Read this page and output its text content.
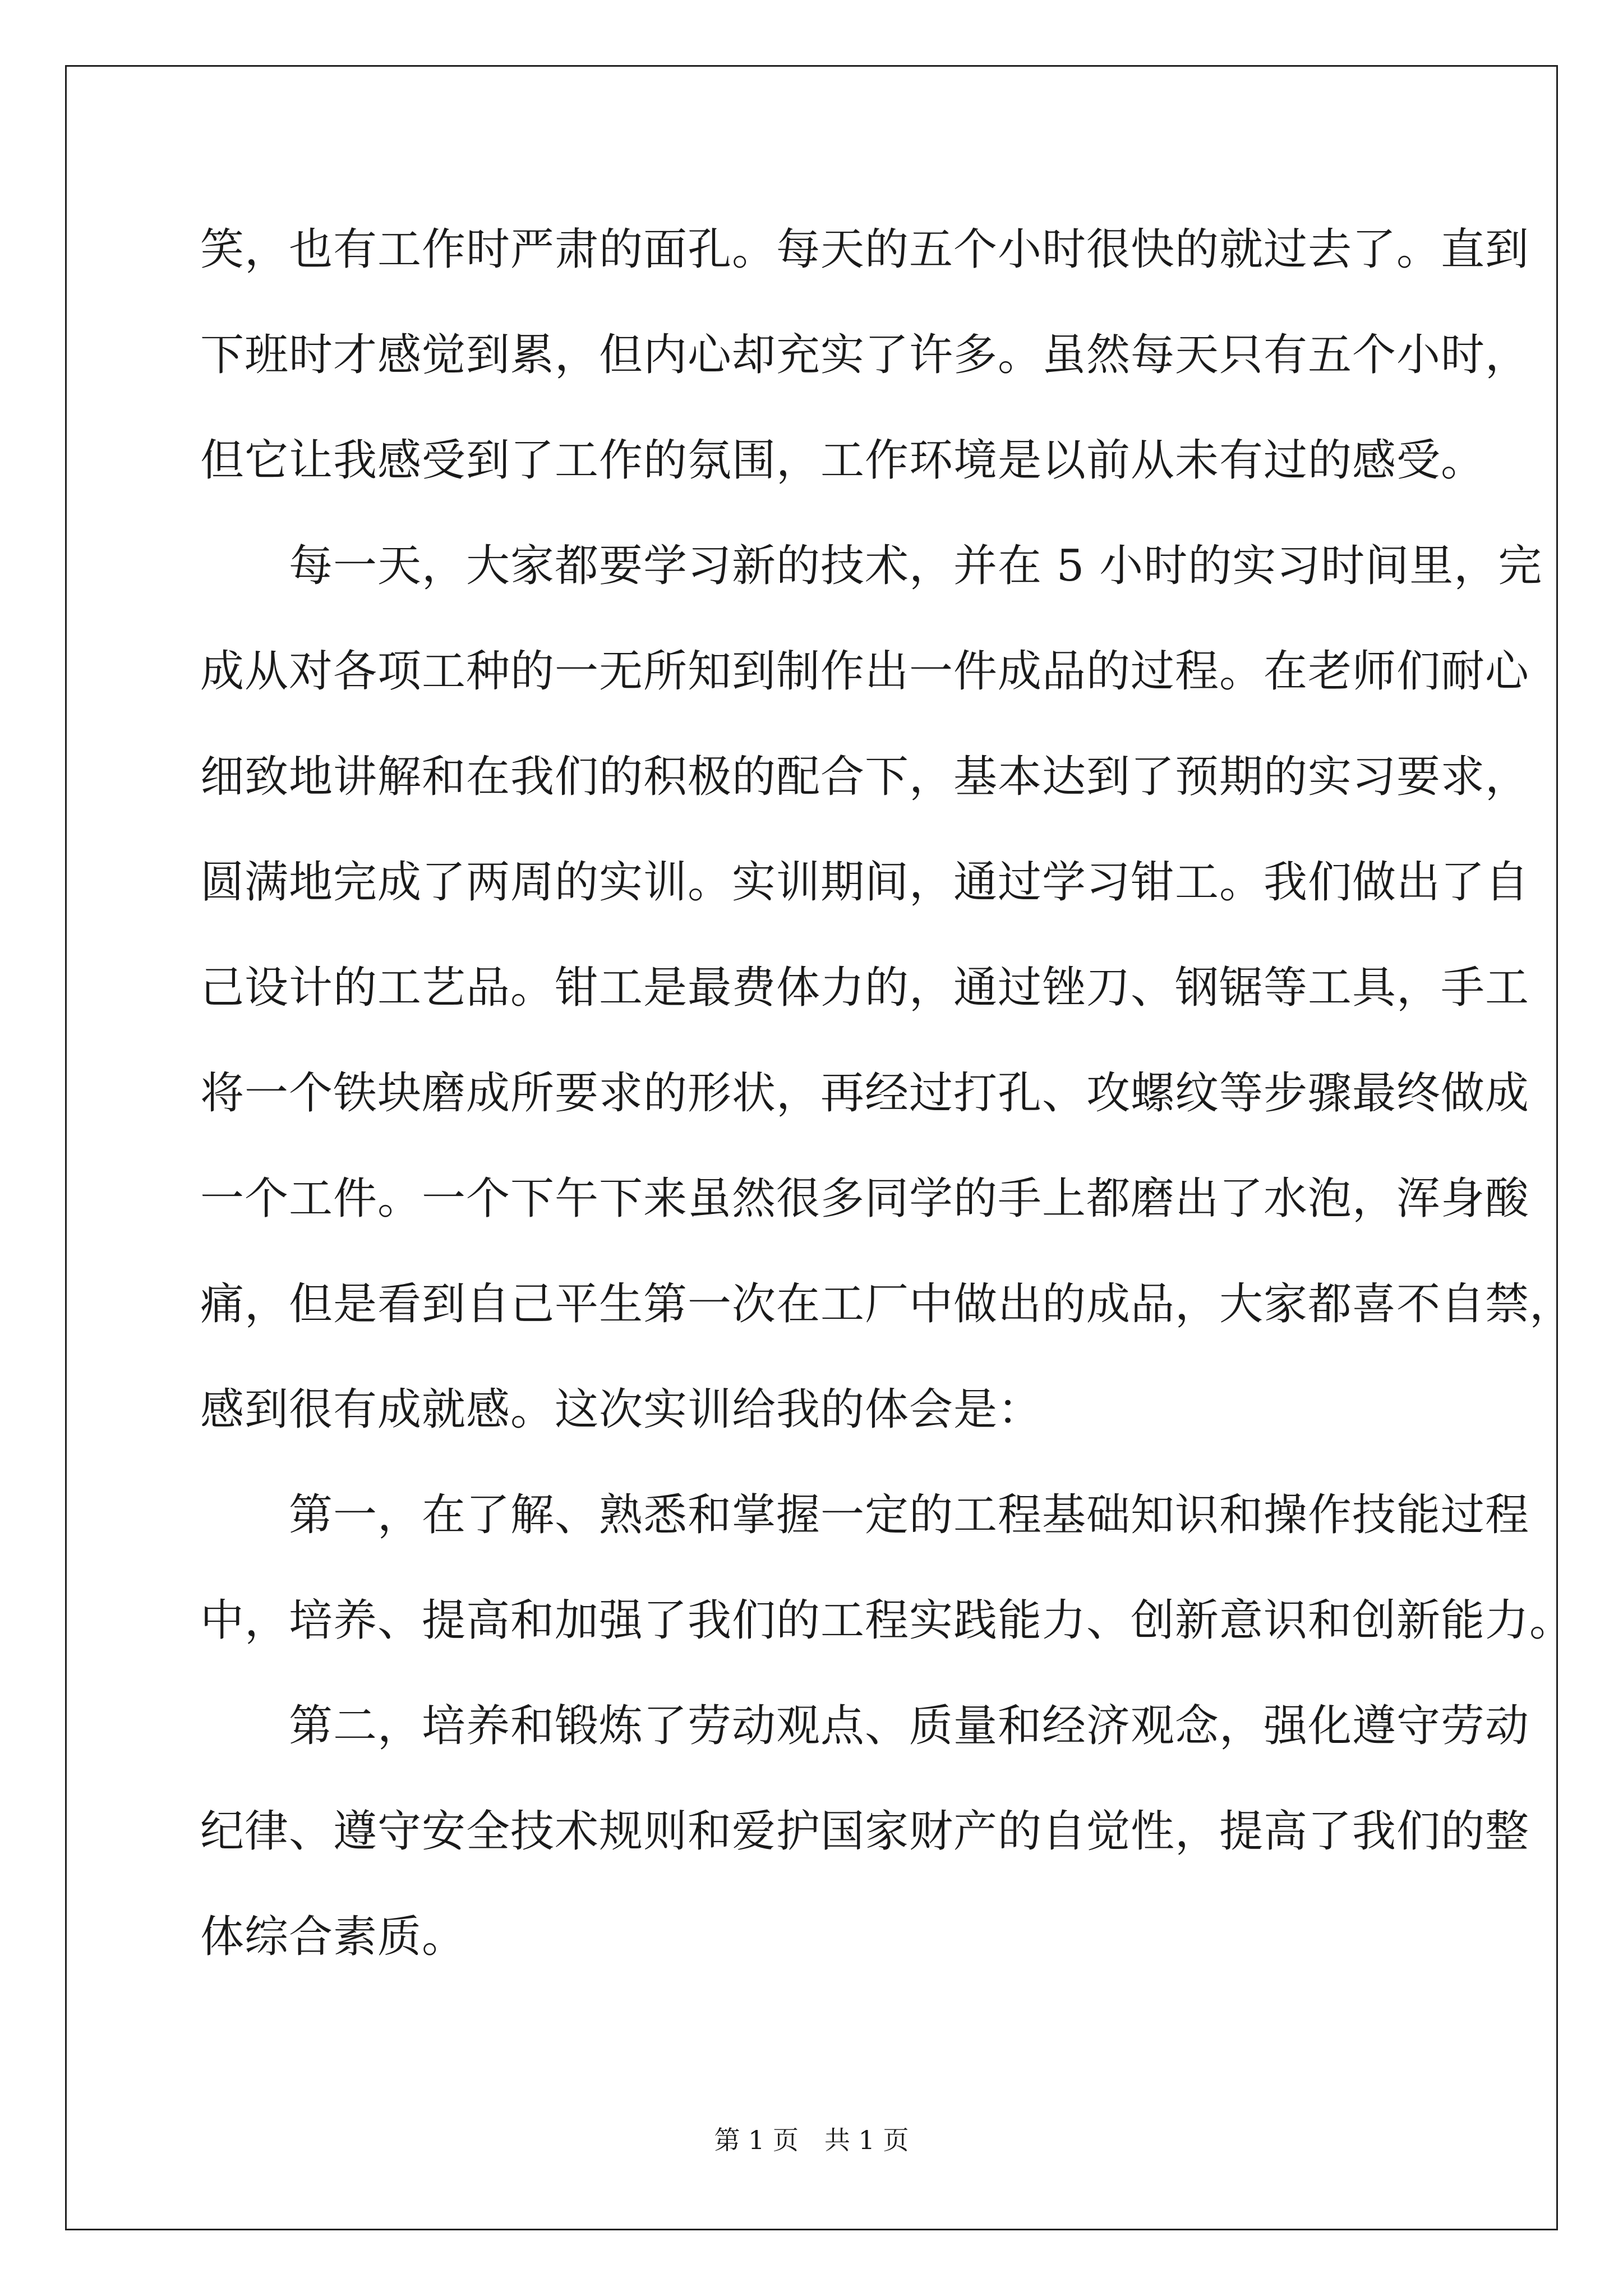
笑，也有工作时严肃的面孔。每天的五个小时很快的就过去了。直到
下班时才感觉到累，但内心却充实了许多。虽然每天只有五个小时，
但它让我感受到了工作的氛围，工作环境是以前从未有过的感受。
　　每一天，大家都要学习新的技术，并在 5 小时的实习时间里，完
成从对各项工种的一无所知到制作出一件成品的过程。在老师们耐心
细致地讲解和在我们的积极的配合下，基本达到了预期的实习要求，
圆满地完成了两周的实训。实训期间，通过学习钳工。我们做出了自
己设计的工艺品。钳工是最费体力的，通过锉刀、钢锯等工具，手工
将一个铁块磨成所要求的形状，再经过打孔、攻螺纹等步骤最终做成
一个工件。一个下午下来虽然很多同学的手上都磨出了水泡，浑身酸
痛，但是看到自己平生第一次在工厂中做出的成品，大家都喜不自禁，
感到很有成就感。这次实训给我的体会是：
　　第一，在了解、熟悉和掌握一定的工程基础知识和操作技能过程
中，培养、提高和加强了我们的工程实践能力、创新意识和创新能力。
　　第二，培养和锻炼了劳动观点、质量和经济观念，强化遵守劳动
纪律、遵守安全技术规则和爱护国家财产的自觉性，提高了我们的整
体综合素质。
第 1 页　共 1 页
